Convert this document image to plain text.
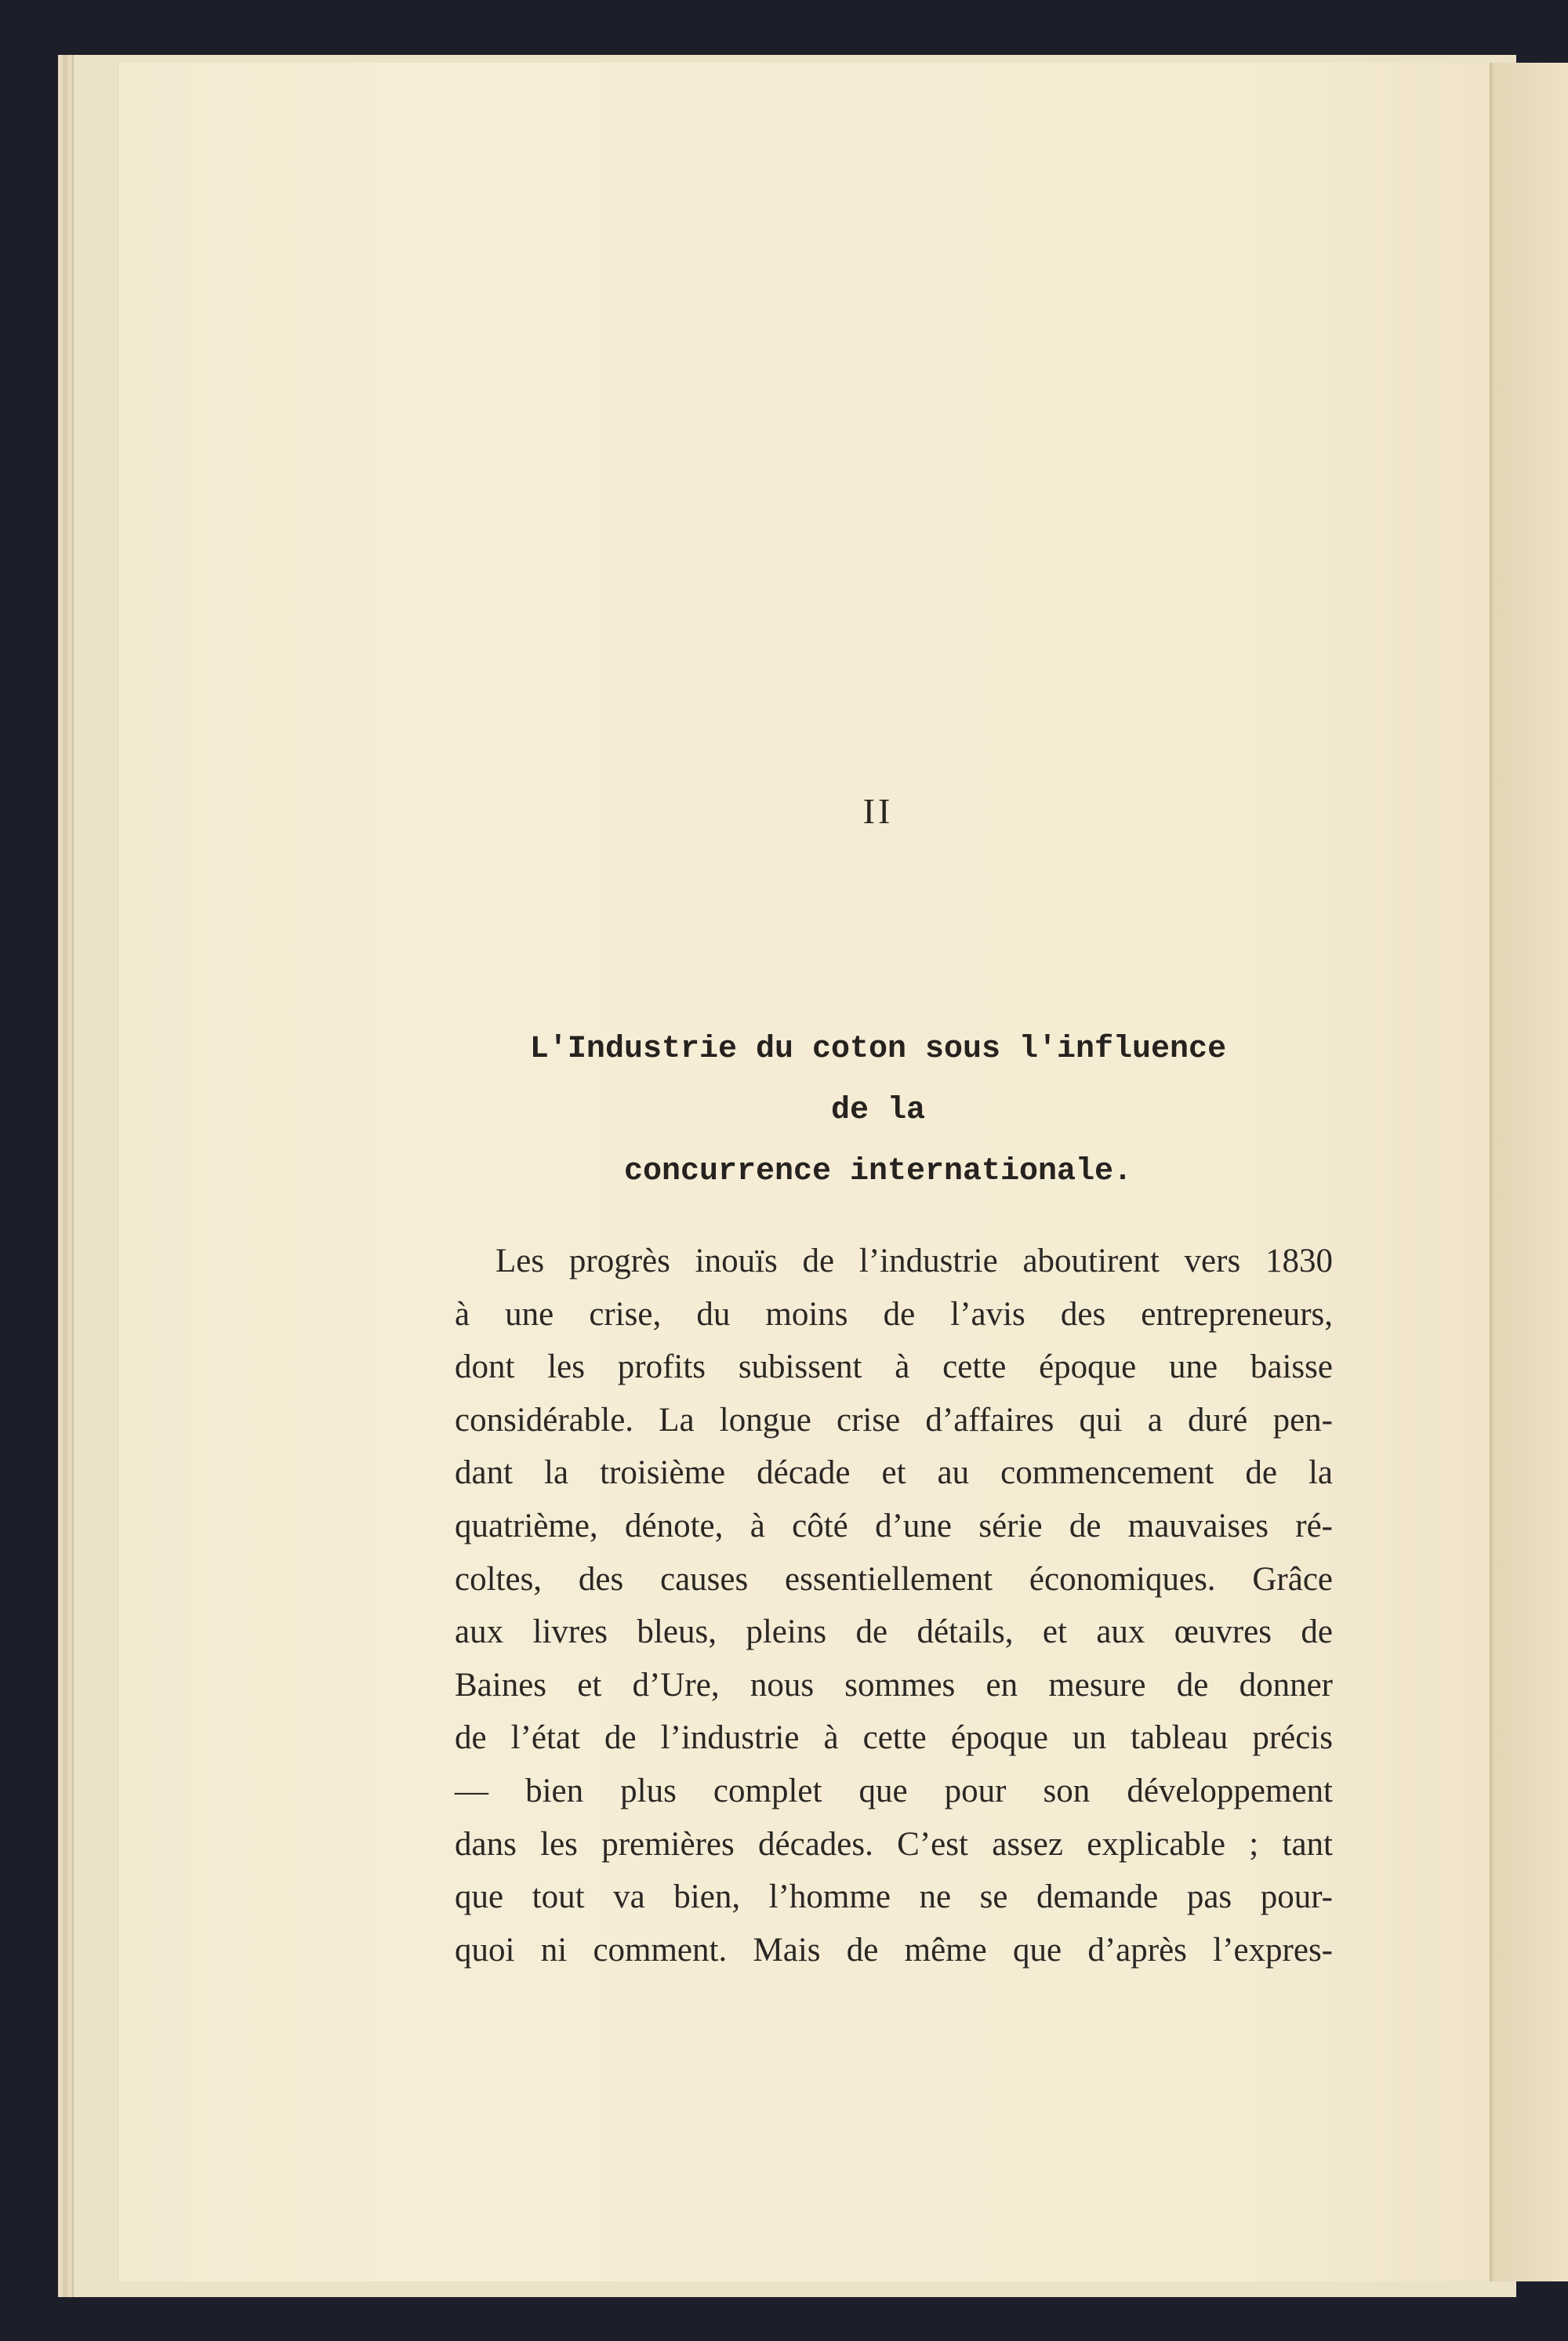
II
L'Industrie du coton sous l'influence de la
concurrence internationale.
Les progrès inouïs de l’industrie aboutirent vers 1830
à une crise, du moins de l’avis des entrepreneurs,
dont les profits subissent à cette époque une baisse
considérable. La longue crise d’affaires qui a duré pen-
dant la troisième décade et au commencement de la
quatrième, dénote, à côté d’une série de mauvaises ré-
coltes, des causes essentiellement économiques. Grâce
aux livres bleus, pleins de détails, et aux œuvres de
Baines et d’Ure, nous sommes en mesure de donner
de l’état de l’industrie à cette époque un tableau précis
— bien plus complet que pour son développement
dans les premières décades. C’est assez explicable ; tant
que tout va bien, l’homme ne se demande pas pour-
quoi ni comment. Mais de même que d’après l’expres-
